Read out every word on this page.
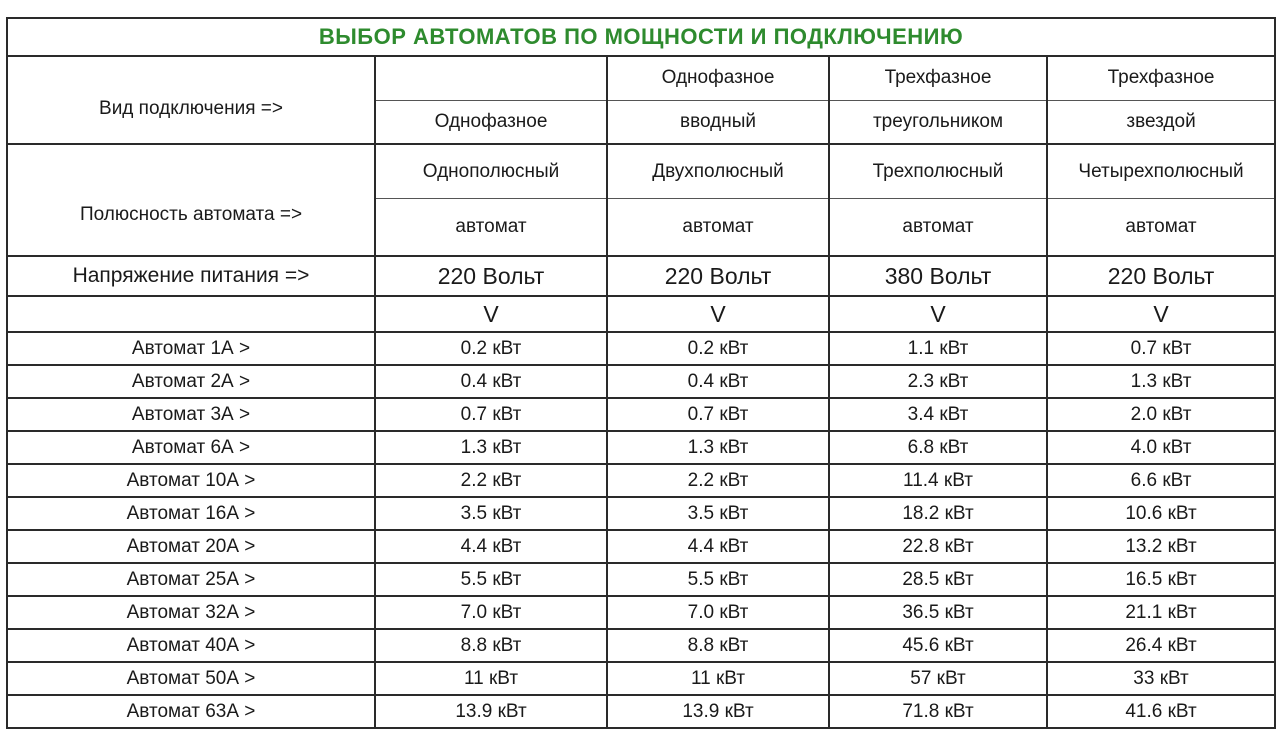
ВЫБОР АВТОМАТОВ ПО МОЩНОСТИ И ПОДКЛЮЧЕНИЮ				
Вид подключения =>		Однофазное	Трехфазное	Трехфазное
	Однофазное	вводный	треугольником	звездой
Полюсность автомата =>	Однополюсный	Двухполюсный	Трехполюсный	Четырехполюсный
	автомат	автомат	автомат	автомат
Напряжение питания =>	220 Вольт	220 Вольт	380 Вольт	220 Вольт
	V	V	V	V
Автомат 1А >	0.2 кВт	0.2 кВт	1.1 кВт	0.7 кВт
Автомат 2А >	0.4 кВт	0.4 кВт	2.3 кВт	1.3 кВт
Автомат 3А >	0.7 кВт	0.7 кВт	3.4 кВт	2.0 кВт
Автомат 6А >	1.3 кВт	1.3 кВт	6.8 кВт	4.0 кВт
Автомат 10А >	2.2 кВт	2.2 кВт	11.4 кВт	6.6 кВт
Автомат 16А >	3.5 кВт	3.5 кВт	18.2 кВт	10.6 кВт
Автомат 20А >	4.4 кВт	4.4 кВт	22.8 кВт	13.2 кВт
Автомат 25А >	5.5 кВт	5.5 кВт	28.5 кВт	16.5 кВт
Автомат 32А >	7.0 кВт	7.0 кВт	36.5 кВт	21.1 кВт
Автомат 40А >	8.8 кВт	8.8 кВт	45.6 кВт	26.4 кВт
Автомат 50А >	11 кВт	11 кВт	57 кВт	33 кВт
Автомат 63А >	13.9 кВт	13.9 кВт	71.8 кВт	41.6 кВт
